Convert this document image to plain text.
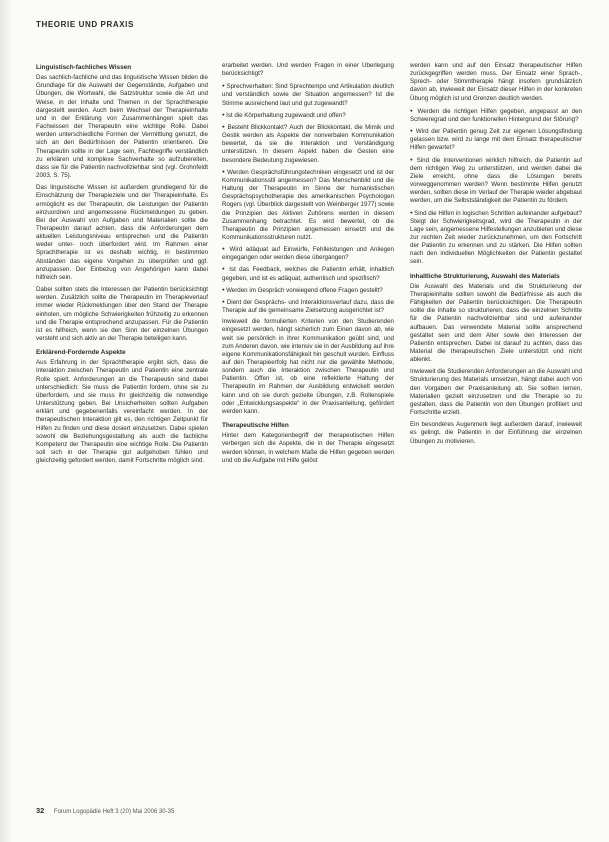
THEORIE UND PRAXIS
Linguistisch-fachliches Wissen
Das sachlich-fachliche und das linguistische Wissen bilden die Grundlage für die Auswahl der Gegenstände, Aufgaben und Übungen, die Wortwahl, die Satzstruktur sowie die Art und Weise, in der Inhalte und Themen in der Sprachtherapie dargestellt werden. Auch beim Wechsel der Therapieinhalte und in der Erklärung von Zusammenhängen spielt das Fachwissen der Therapeutin eine wichtige Rolle. Dabei werden unterschiedliche Formen der Vermittlung genutzt, die sich an den Bedürfnissen der Patientin orientieren. Die Therapeutin sollte in der Lage sein, Fachbegriffe verständlich zu erklären und komplexe Sachverhalte so aufzubereiten, dass sie für die Patientin nachvollziehbar sind (vgl. Grohnfeldt 2003, S. 75).
Das linguistische Wissen ist außerdem grundlegend für die Einschätzung der Therapieziele und der Therapieinhalte. Es ermöglicht es der Therapeutin, die Leistungen der Patientin einzuordnen und angemessene Rückmeldungen zu geben. Bei der Auswahl von Aufgaben und Materialien sollte die Therapeutin darauf achten, dass die Anforderungen dem aktuellen Leistungsniveau entsprechen und die Patientin weder unter- noch überfordert wird. Im Rahmen einer Sprachtherapie ist es deshalb wichtig, in bestimmten Abständen das eigene Vorgehen zu überprüfen und ggf. anzupassen. Der Einbezug von Angehörigen kann dabei hilfreich sein.
Dabei sollten stets die Interessen der Patientin berücksichtigt werden. Zusätzlich sollte die Therapeutin im Therapieverlauf immer wieder Rückmeldungen über den Stand der Therapie einholen, um mögliche Schwierigkeiten frühzeitig zu erkennen und die Therapie entsprechend anzupassen. Für die Patientin ist es hilfreich, wenn sie den Sinn der einzelnen Übungen versteht und sich aktiv an der Therapie beteiligen kann.
Erklärend-Fordernde Aspekte
Aus Erfahrung in der Sprachtherapie ergibt sich, dass die Interaktion zwischen Therapeutin und Patientin eine zentrale Rolle spielt. Anforderungen an die Therapeutin sind dabei unterschiedlich: Sie muss die Patientin fordern, ohne sie zu überfordern, und sie muss ihr gleichzeitig die notwendige Unterstützung geben. Bei Unsicherheiten sollten Aufgaben erklärt und gegebenenfalls vereinfacht werden. In der therapeutischen Interaktion gilt es, den richtigen Zeitpunkt für Hilfen zu finden und diese dosiert einzusetzen. Dabei spielen sowohl die Beziehungsgestaltung als auch die fachliche Kompetenz der Therapeutin eine wichtige Rolle. Die Patientin soll sich in der Therapie gut aufgehoben fühlen und gleichzeitig gefordert werden, damit Fortschritte möglich sind.
erarbeitet werden. Und werden Fragen in einer Überlegung berücksichtigt?
● Sprechverhalten: Sind Sprechtempo und Artikulation deutlich und verständlich sowie der Situation angemessen? Ist die Stimme ausreichend laut und gut zugewandt?
● Ist die Körperhaltung zugewandt und offen?
● Besteht Blickkontakt? Auch der Blickkontakt, die Mimik und Gestik werden als Aspekte der nonverbalen Kommunikation bewertet, da sie die Interaktion und Verständigung unterstützen. In diesem Aspekt haben die Gesten eine besondere Bedeutung zugewiesen.
● Werden Gesprächsführungstechniken eingesetzt und ist der Kommunikationsstil angemessen? Das Menschenbild und die Haltung der Therapeutin im Sinne der humanistischen Gesprächspsychotherapie des amerikanischen Psychologen Rogers (vgl. Überblick dargestellt von Weinberger 1977) sowie die Prinzipien des Aktiven Zuhörens werden in diesem Zusammenhang betrachtet. Es wird bewertet, ob die Therapeutin die Prinzipien angemessen einsetzt und die Kommunikationsstrukturen nutzt.
● Wird adäquat auf Einwürfe, Fehlleistungen und Anliegen eingegangen oder werden diese übergangen?
● Ist das Feedback, welches die Patientin erhält, inhaltlich gegeben, und ist es adäquat, authentisch und spezifisch?
● Werden im Gespräch vorwiegend offene Fragen gestellt?
● Dient der Gesprächs- und Interaktionsverlauf dazu, dass die Therapie auf die gemeinsame Zielsetzung ausgerichtet ist?
Inwieweit die formulierten Kriterien von den Studierenden eingesetzt werden, hängt sicherlich zum Einen davon ab, wie weit sie persönlich in ihrer Kommunikation geübt sind, und zum Anderen davon, wie intensiv sie in der Ausbildung auf ihre eigene Kommunikationsfähigkeit hin geschult wurden. Einfluss auf den Therapieerfolg hat nicht nur die gewählte Methode, sondern auch die Interaktion zwischen Therapeutin und Patientin. Offen ist, ob eine reflektierte Haltung der Therapeutin im Rahmen der Ausbildung entwickelt werden kann und ob sie durch gezielte Übungen, z.B. Rollenspiele oder „Entwicklungsaspekte“ in der Praxisanleitung, gefördert werden kann.
Therapeutische Hilfen
Hinter dem Kategorienbegriff der therapeutischen Hilfen verbergen sich die Aspekte, die in der Therapie eingesetzt werden können, in welchem Maße die Hilfen gegeben werden und ob die Aufgabe mit Hilfe gelöst
werden kann und auf den Einsatz therapeutischer Hilfen zurückgegriffen werden muss. Der Einsatz einer Sprach-, Sprech- oder Stimmtherapie hängt insofern grundsätzlich davon ab, inwieweit der Einsatz dieser Hilfen in der konkreten Übung möglich ist und Grenzen deutlich werden.
● Werden die richtigen Hilfen gegeben, angepasst an den Schweregrad und den funktionellen Hintergrund der Störung?
● Wird der Patientin genug Zeit zur eigenen Lösungsfindung gelassen bzw. wird zu lange mit dem Einsatz therapeutischer Hilfen gewartet?
● Sind die Interventionen wirklich hilfreich, die Patientin auf dem richtigen Weg zu unterstützen, und werden dabei die Ziele erreicht, ohne dass die Lösungen bereits vorweggenommen werden? Wenn bestimmte Hilfen genutzt werden, sollten diese im Verlauf der Therapie wieder abgebaut werden, um die Selbstständigkeit der Patientin zu fördern.
● Sind die Hilfen in logischen Schritten aufeinander aufgebaut? Steigt der Schwierigkeitsgrad, wird die Therapeutin in der Lage sein, angemessene Hilfestellungen anzubieten und diese zur rechten Zeit wieder zurückzunehmen, um den Fortschritt der Patientin zu erkennen und zu stärken. Die Hilfen sollten nach den individuellen Möglichkeiten der Patientin gestaltet sein.
Inhaltliche Strukturierung, Auswahl des Materials
Die Auswahl des Materials und die Strukturierung der Therapieinhalte sollten sowohl die Bedürfnisse als auch die Fähigkeiten der Patientin berücksichtigen. Die Therapeutin sollte die Inhalte so strukturieren, dass die einzelnen Schritte für die Patientin nachvollziehbar sind und aufeinander aufbauen. Das verwendete Material sollte ansprechend gestaltet sein und dem Alter sowie den Interessen der Patientin entsprechen. Dabei ist darauf zu achten, dass das Material die therapeutischen Ziele unterstützt und nicht ablenkt.
Inwieweit die Studierenden Anforderungen an die Auswahl und Strukturierung des Materials umsetzen, hängt dabei auch von den Vorgaben der Praxisanleitung ab. Sie sollten lernen, Materialien gezielt einzusetzen und die Therapie so zu gestalten, dass die Patientin von den Übungen profitiert und Fortschritte erzielt.
Ein besonderes Augenmerk liegt außerdem darauf, inwieweit es gelingt, die Patientin in der Einführung der einzelnen Übungen zu motivieren.
32 Forum Logopädie Heft 3 (20) Mai 2006 30-35
